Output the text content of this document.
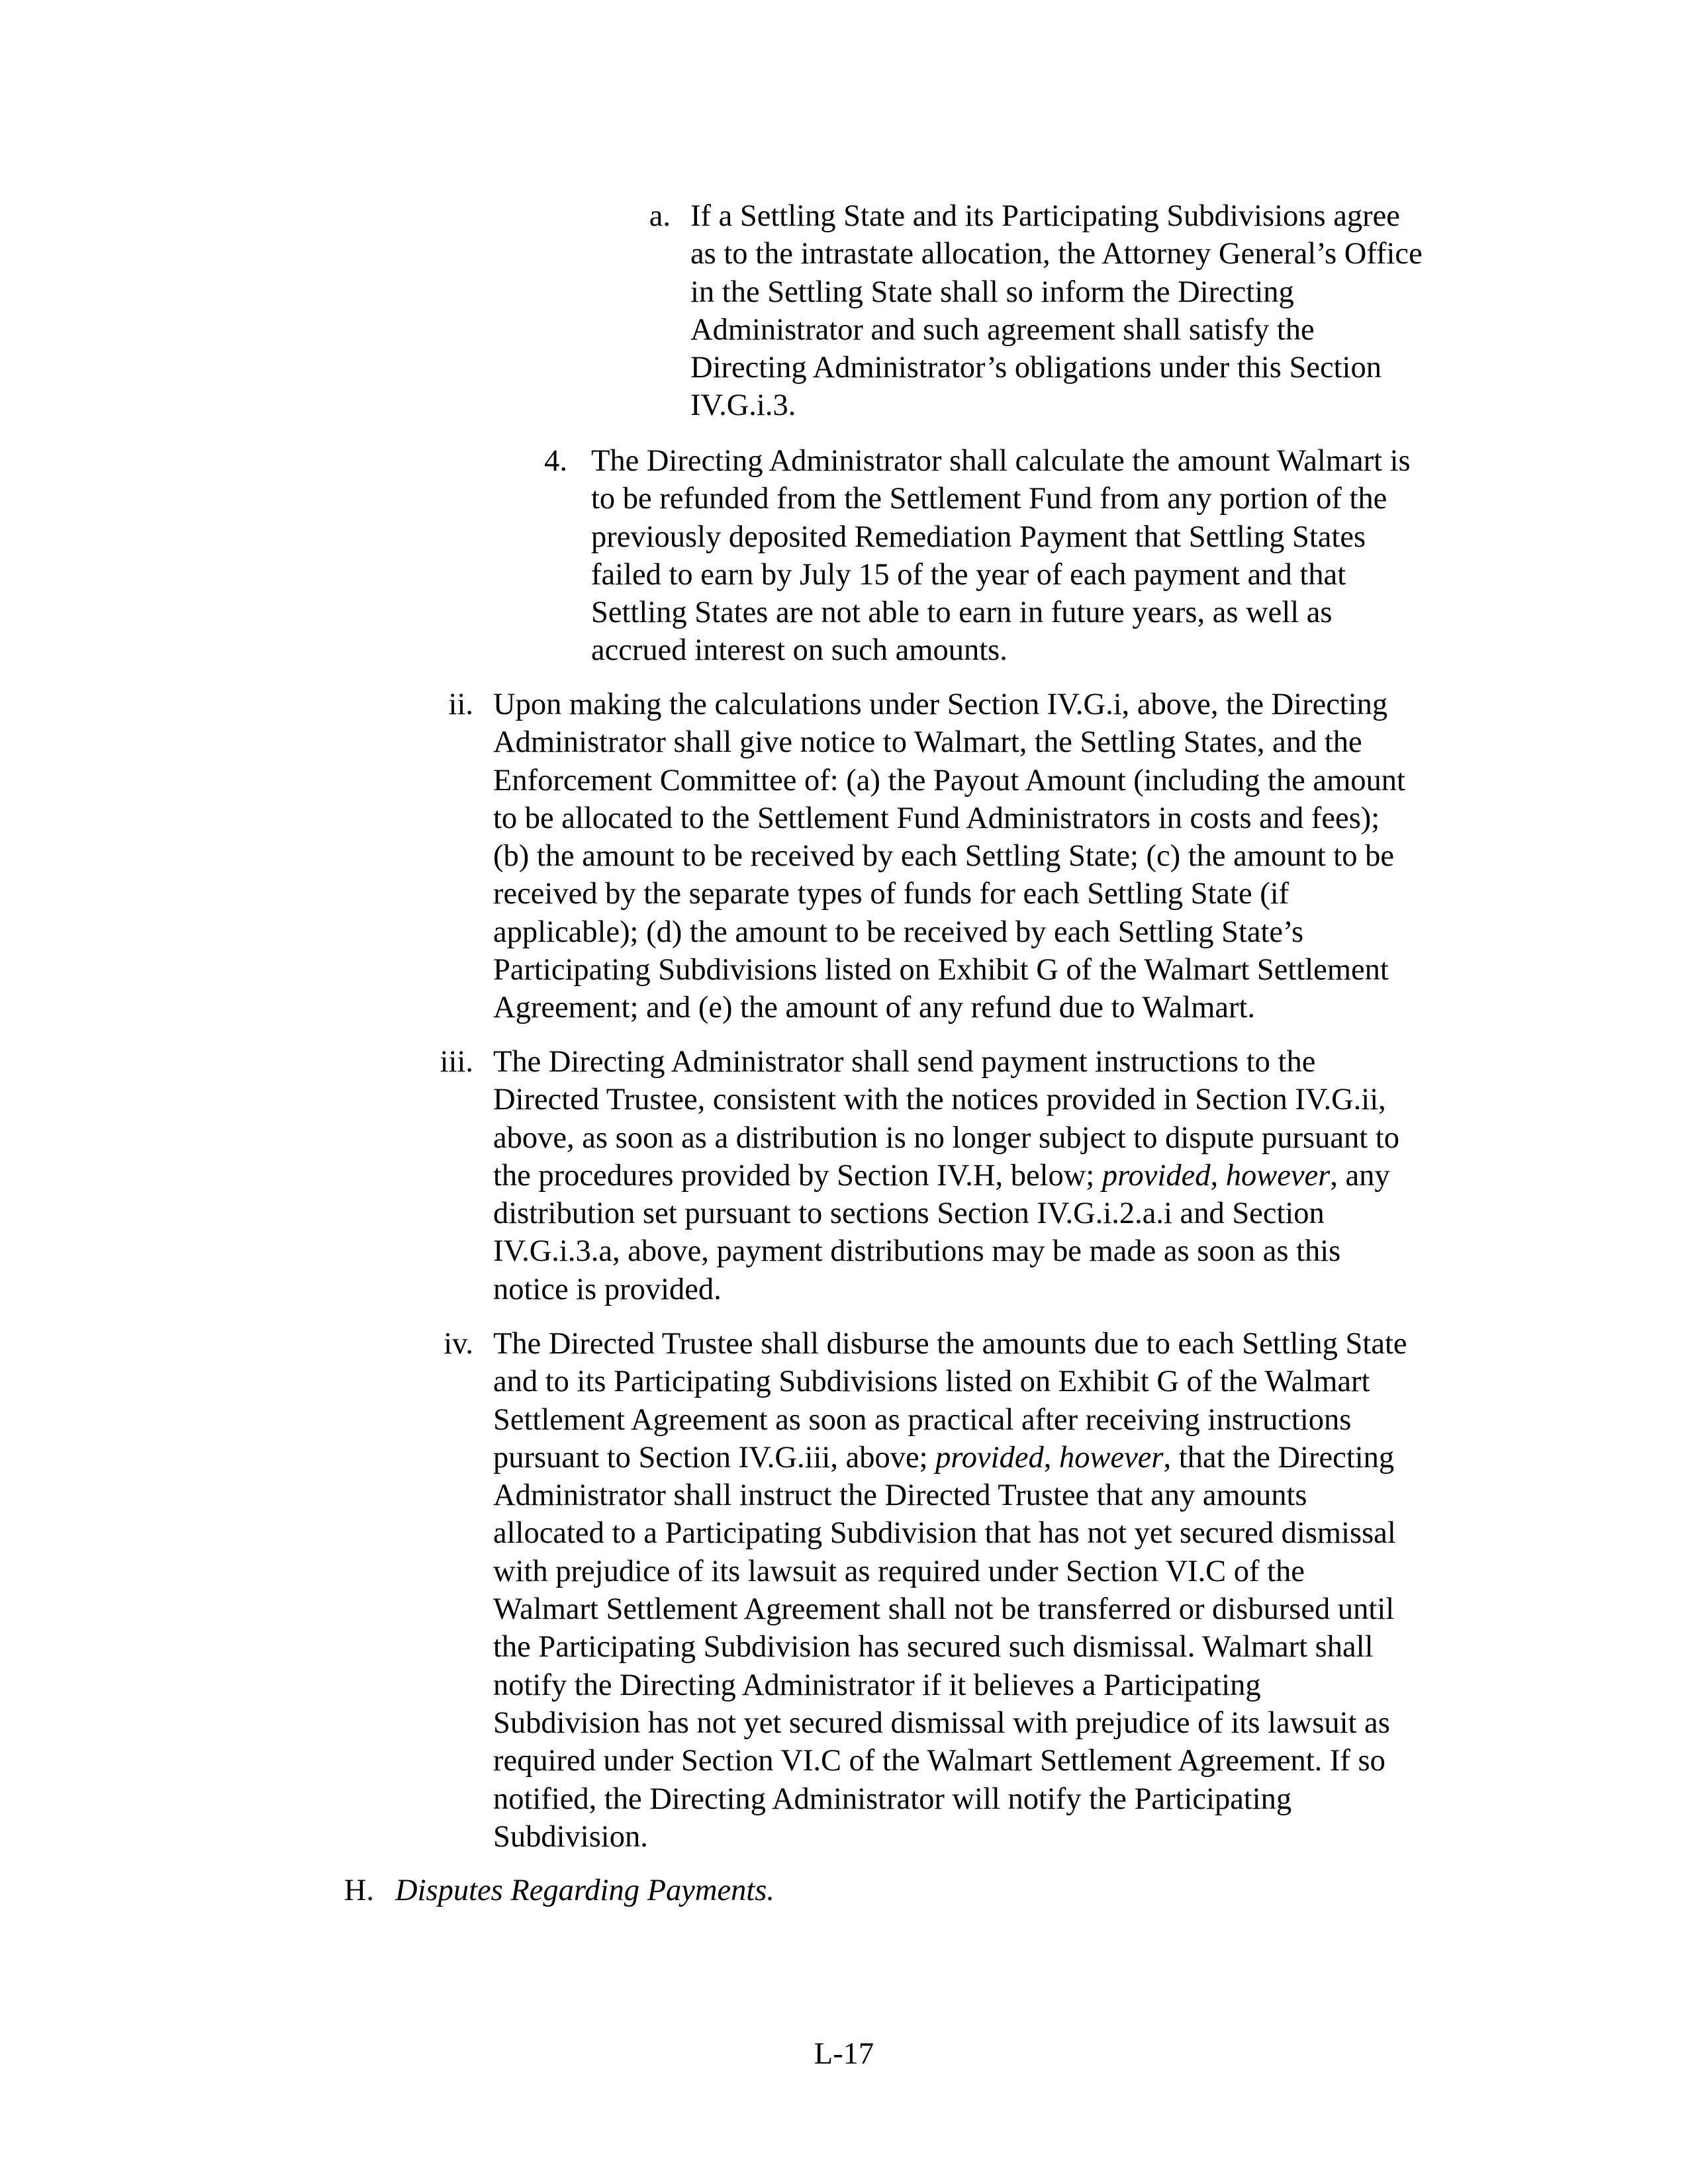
a. If a Settling State and its Participating Subdivisions agree
as to the intrastate allocation, the Attorney General’s Office
in the Settling State shall so inform the Directing
Administrator and such agreement shall satisfy the
Directing Administrator’s obligations under this Section
IV.G.i.3.
4. The Directing Administrator shall calculate the amount Walmart is
to be refunded from the Settlement Fund from any portion of the
previously deposited Remediation Payment that Settling States
failed to earn by July 15 of the year of each payment and that
Settling States are not able to earn in future years, as well as
accrued interest on such amounts.
ii. Upon making the calculations under Section IV.G.i, above, the Directing
Administrator shall give notice to Walmart, the Settling States, and the
Enforcement Committee of: (a) the Payout Amount (including the amount
to be allocated to the Settlement Fund Administrators in costs and fees);
(b) the amount to be received by each Settling State; (c) the amount to be
received by the separate types of funds for each Settling State (if
applicable); (d) the amount to be received by each Settling State’s
Participating Subdivisions listed on Exhibit G of the Walmart Settlement
Agreement; and (e) the amount of any refund due to Walmart.
iii. The Directing Administrator shall send payment instructions to the
Directed Trustee, consistent with the notices provided in Section IV.G.ii,
above, as soon as a distribution is no longer subject to dispute pursuant to
the procedures provided by Section IV.H, below; provided, however, any
distribution set pursuant to sections Section IV.G.i.2.a.i and Section
IV.G.i.3.a, above, payment distributions may be made as soon as this
notice is provided.
iv. The Directed Trustee shall disburse the amounts due to each Settling State
and to its Participating Subdivisions listed on Exhibit G of the Walmart
Settlement Agreement as soon as practical after receiving instructions
pursuant to Section IV.G.iii, above; provided, however, that the Directing
Administrator shall instruct the Directed Trustee that any amounts
allocated to a Participating Subdivision that has not yet secured dismissal
with prejudice of its lawsuit as required under Section VI.C of the
Walmart Settlement Agreement shall not be transferred or disbursed until
the Participating Subdivision has secured such dismissal. Walmart shall
notify the Directing Administrator if it believes a Participating
Subdivision has not yet secured dismissal with prejudice of its lawsuit as
required under Section VI.C of the Walmart Settlement Agreement. If so
notified, the Directing Administrator will notify the Participating
Subdivision.
H. Disputes Regarding Payments.
L-17
